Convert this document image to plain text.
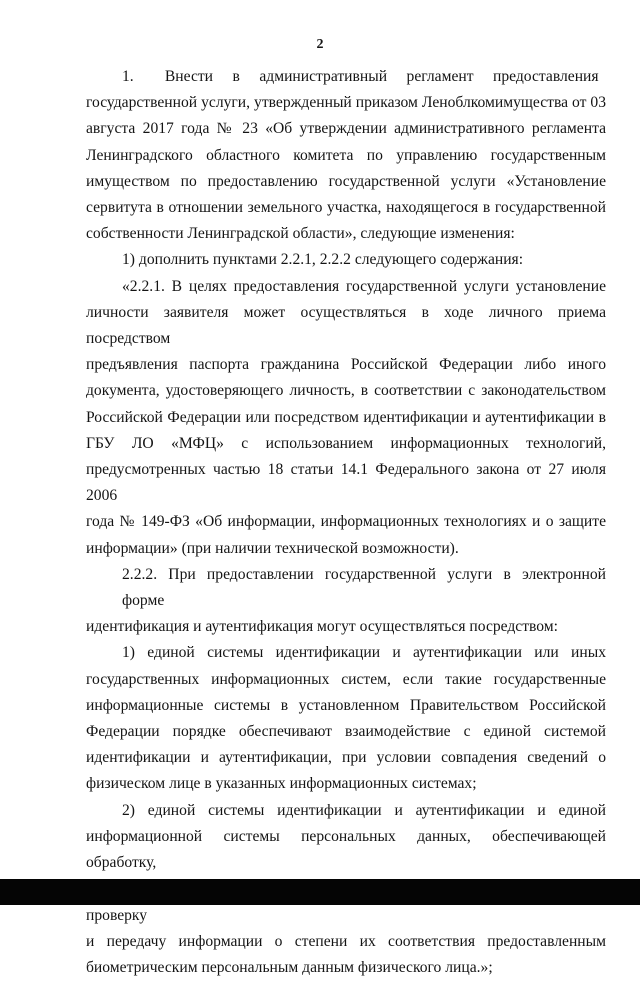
2
1.        Внести     в     административный     регламент     предоставления
государственной услуги, утвержденный приказом Леноблкомимущества от 03
августа 2017 года № 23 «Об утверждении административного регламента
Ленинградского областного комитета по управлению государственным
имуществом по предоставлению государственной услуги «Установление
сервитута в отношении земельного участка, находящегося в государственной
собственности Ленинградской области», следующие изменения:
1) дополнить пунктами 2.2.1, 2.2.2 следующего содержания:
«2.2.1. В целях предоставления государственной услуги установление
личности заявителя может осуществляться в ходе личного приема посредством
предъявления паспорта гражданина Российской Федерации либо иного
документа, удостоверяющего личность, в соответствии с законодательством
Российской Федерации или посредством идентификации и аутентификации в
ГБУ ЛО «МФЦ» с использованием информационных технологий,
предусмотренных частью 18 статьи 14.1 Федерального закона от 27 июля 2006
года № 149-ФЗ «Об информации, информационных технологиях и о защите
информации» (при наличии технической возможности).
2.2.2. При предоставлении государственной услуги в электронной форме
идентификация и аутентификация могут осуществляться посредством:
1) единой системы идентификации и аутентификации или иных
государственных информационных систем, если такие государственные
информационные системы в установленном Правительством Российской
Федерации порядке обеспечивают взаимодействие с единой системой
идентификации и аутентификации, при условии совпадения сведений о
физическом лице в указанных информационных системах;
2) единой системы идентификации и аутентификации и единой
информационной системы персональных данных, обеспечивающей обработку,
проверку
и передачу информации о степени их соответствия предоставленным
биометрическим персональным данным физического лица.»;
